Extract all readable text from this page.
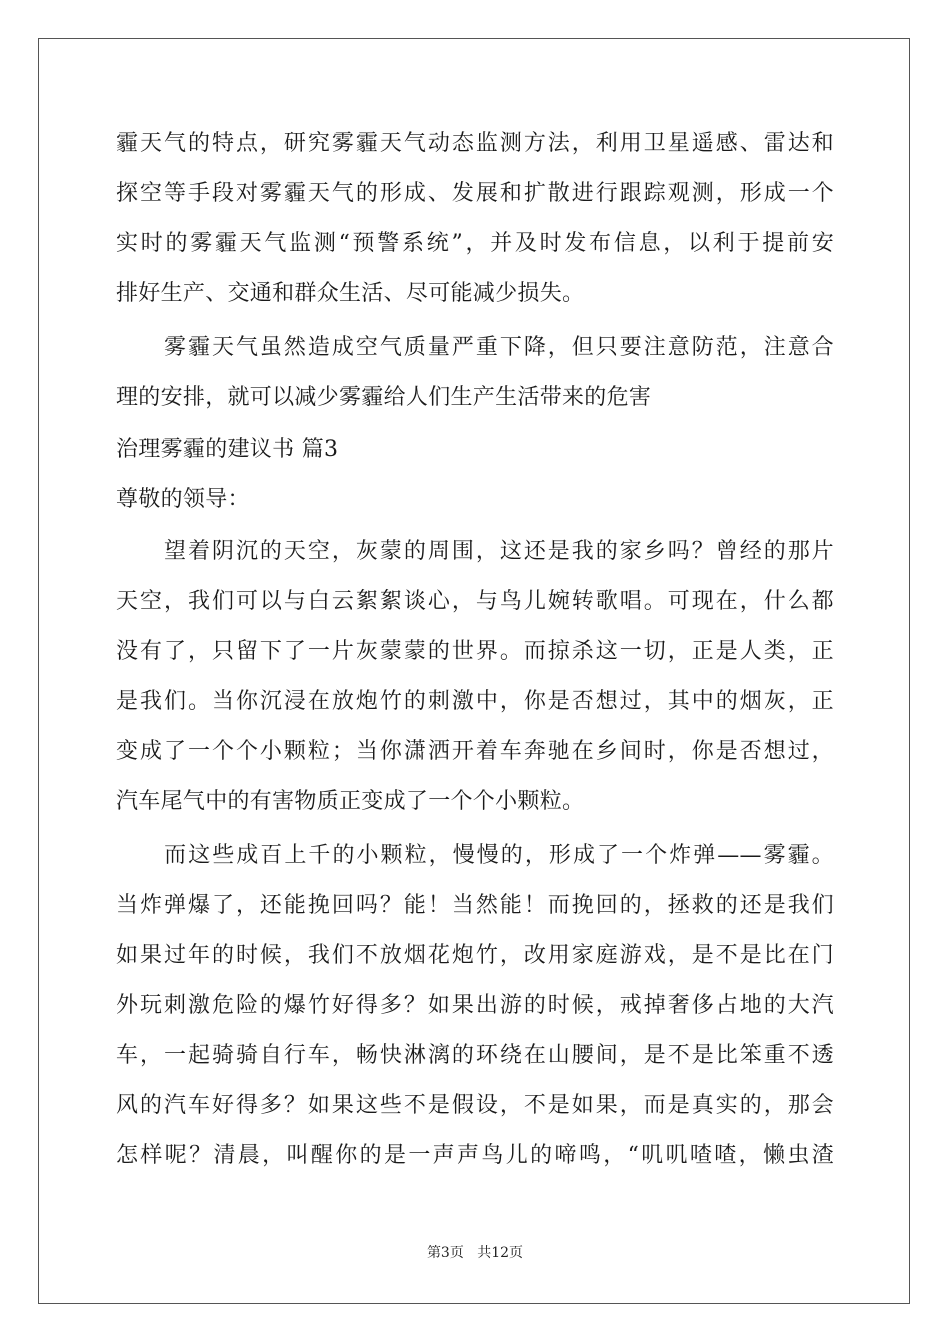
霾天气的特点，研究雾霾天气动态监测方法，利用卫星遥感、雷达和
探空等手段对雾霾天气的形成、发展和扩散进行跟踪观测，形成一个
实时的雾霾天气监测“预警系统”，并及时发布信息，以利于提前安
排好生产、交通和群众生活、尽可能减少损失。
　　雾霾天气虽然造成空气质量严重下降，但只要注意防范，注意合
理的安排，就可以减少雾霾给人们生产生活带来的危害
治理雾霾的建议书 篇3
尊敬的领导：
　　望着阴沉的天空，灰蒙的周围，这还是我的家乡吗？曾经的那片
天空，我们可以与白云絮絮谈心，与鸟儿婉转歌唱。可现在，什么都
没有了，只留下了一片灰蒙蒙的世界。而掠杀这一切，正是人类，正
是我们。当你沉浸在放炮竹的刺激中，你是否想过，其中的烟灰，正
变成了一个个小颗粒；当你潇洒开着车奔驰在乡间时，你是否想过，
汽车尾气中的有害物质正变成了一个个小颗粒。
　　而这些成百上千的小颗粒，慢慢的，形成了一个炸弹——雾霾。
当炸弹爆了，还能挽回吗？能！当然能！而挽回的，拯救的还是我们
如果过年的时候，我们不放烟花炮竹，改用家庭游戏，是不是比在门
外玩刺激危险的爆竹好得多？如果出游的时候，戒掉奢侈占地的大汽
车，一起骑骑自行车，畅快淋漓的环绕在山腰间，是不是比笨重不透
风的汽车好得多？如果这些不是假设，不是如果，而是真实的，那会
怎样呢？清晨，叫醒你的是一声声鸟儿的啼鸣，“叽叽喳喳，懒虫渣
第3页 共12页
